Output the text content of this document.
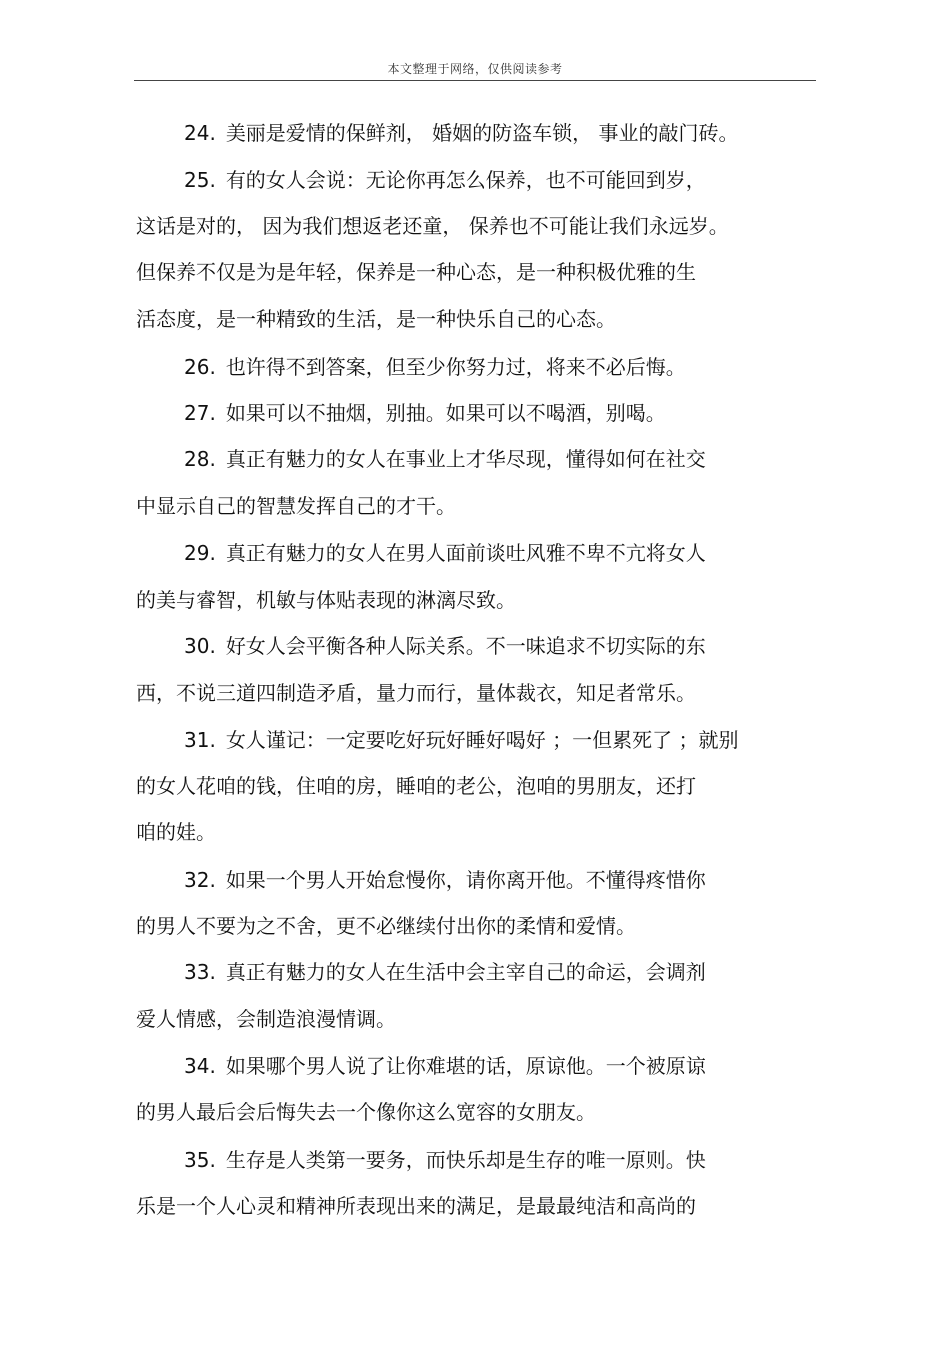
本文整理于网络，仅供阅读参考
24. 美丽是爱情的保鲜剂， 婚姻的防盗车锁， 事业的敲门砖。
25. 有的女人会说：无论你再怎么保养，也不可能回到岁，
这话是对的， 因为我们想返老还童， 保养也不可能让我们永远岁。
但保养不仅是为是年轻，保养是一种心态，是一种积极优雅的生
活态度，是一种精致的生活，是一种快乐自己的心态。
26. 也许得不到答案，但至少你努力过，将来不必后悔。
27. 如果可以不抽烟，别抽。如果可以不喝酒，别喝。
28. 真正有魅力的女人在事业上才华尽现，懂得如何在社交
中显示自己的智慧发挥自己的才干。
29. 真正有魅力的女人在男人面前谈吐风雅不卑不亢将女人
的美与睿智，机敏与体贴表现的淋漓尽致。
30. 好女人会平衡各种人际关系。不一味追求不切实际的东
西，不说三道四制造矛盾，量力而行，量体裁衣，知足者常乐。
31. 女人谨记：一定要吃好玩好睡好喝好 ；一但累死了 ；就别
的女人花咱的钱，住咱的房，睡咱的老公，泡咱的男朋友，还打
咱的娃。
32. 如果一个男人开始怠慢你，请你离开他。不懂得疼惜你
的男人不要为之不舍，更不必继续付出你的柔情和爱情。
33. 真正有魅力的女人在生活中会主宰自己的命运，会调剂
爱人情感，会制造浪漫情调。
34. 如果哪个男人说了让你难堪的话，原谅他。一个被原谅
的男人最后会后悔失去一个像你这么宽容的女朋友。
35. 生存是人类第一要务，而快乐却是生存的唯一原则。快
乐是一个人心灵和精神所表现出来的满足，是最最纯洁和高尚的
